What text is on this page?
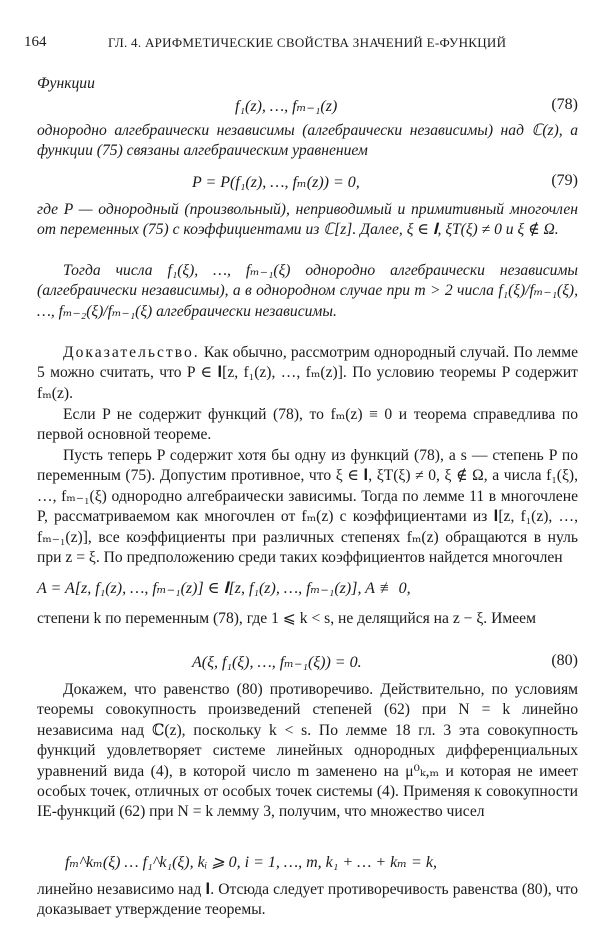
164	ГЛ. 4. АРИФМЕТИЧЕСКИЕ СВОЙСТВА ЗНАЧЕНИЙ E-ФУНКЦИЙ

Функции

f₁(z), …, fₘ₋₁(z)	(78)

однородно алгебраически независимы (алгебраически независимы) над ℂ(z), а функции (75) связаны алгебраическим уравнением

P = P(f₁(z), …, fₘ(z)) = 0,	(79)

где P — однородный (произвольный), неприводимый и примитивный многочлен от переменных (75) с коэффициентами из ℂ[z]. Далее, ξ ∈ 𝐈, ξT(ξ) ≠ 0 и ξ ∉ Ω.

Тогда числа f₁(ξ), …, fₘ₋₁(ξ) однородно алгебраически независимы (алгебраически независимы), а в однородном случае при m > 2 числа f₁(ξ)/fₘ₋₁(ξ), …, fₘ₋₂(ξ)/fₘ₋₁(ξ) алгебраически независимы.

Доказательство. Как обычно, рассмотрим однородный случай. По лемме 5 можно считать, что P ∈ 𝐈[z, f₁(z), …, fₘ(z)]. По условию теоремы P содержит fₘ(z).

Если P не содержит функций (78), то fₘ(z) ≡ 0 и теорема справедлива по первой основной теореме.

Пусть теперь P содержит хотя бы одну из функций (78), а s — степень P по переменным (75). Допустим противное, что ξ ∈ 𝐈, ξT(ξ) ≠ 0, ξ ∉ Ω, а числа f₁(ξ), …, fₘ₋₁(ξ) однородно алгебраически зависимы. Тогда по лемме 11 в многочлене P, рассматриваемом как многочлен от fₘ(z) с коэффициентами из 𝐈[z, f₁(z), …, fₘ₋₁(z)], все коэффициенты при различных степенях fₘ(z) обращаются в нуль при z = ξ. По предположению среди таких коэффициентов найдется многочлен

A = A[z, f₁(z), …, fₘ₋₁(z)] ∈ 𝐈[z, f₁(z), …, fₘ₋₁(z)], A ≢ 0,

степени k по переменным (78), где 1 ⩽ k < s, не делящийся на z − ξ. Имеем

A(ξ, f₁(ξ), …, fₘ₋₁(ξ)) = 0.	(80)

Докажем, что равенство (80) противоречиво. Действительно, по условиям теоремы совокупность произведений степеней (62) при N = k линейно независима над ℂ(z), поскольку k < s. По лемме 18 гл. 3 эта совокупность функций удовлетворяет системе линейных однородных дифференциальных уравнений вида (4), в которой число m заменено на μ⁰ₖ,ₘ и которая не имеет особых точек, отличных от особых точек системы (4). Применяя к совокупности IE-функций (62) при N = k лемму 3, получим, что множество чисел

fₘ^kₘ(ξ) … f₁^k₁(ξ), kᵢ ⩾ 0, i = 1, …, m, k₁ + … + kₘ = k,

линейно независимо над 𝐈. Отсюда следует противоречивость равенства (80), что доказывает утверждение теоремы.
